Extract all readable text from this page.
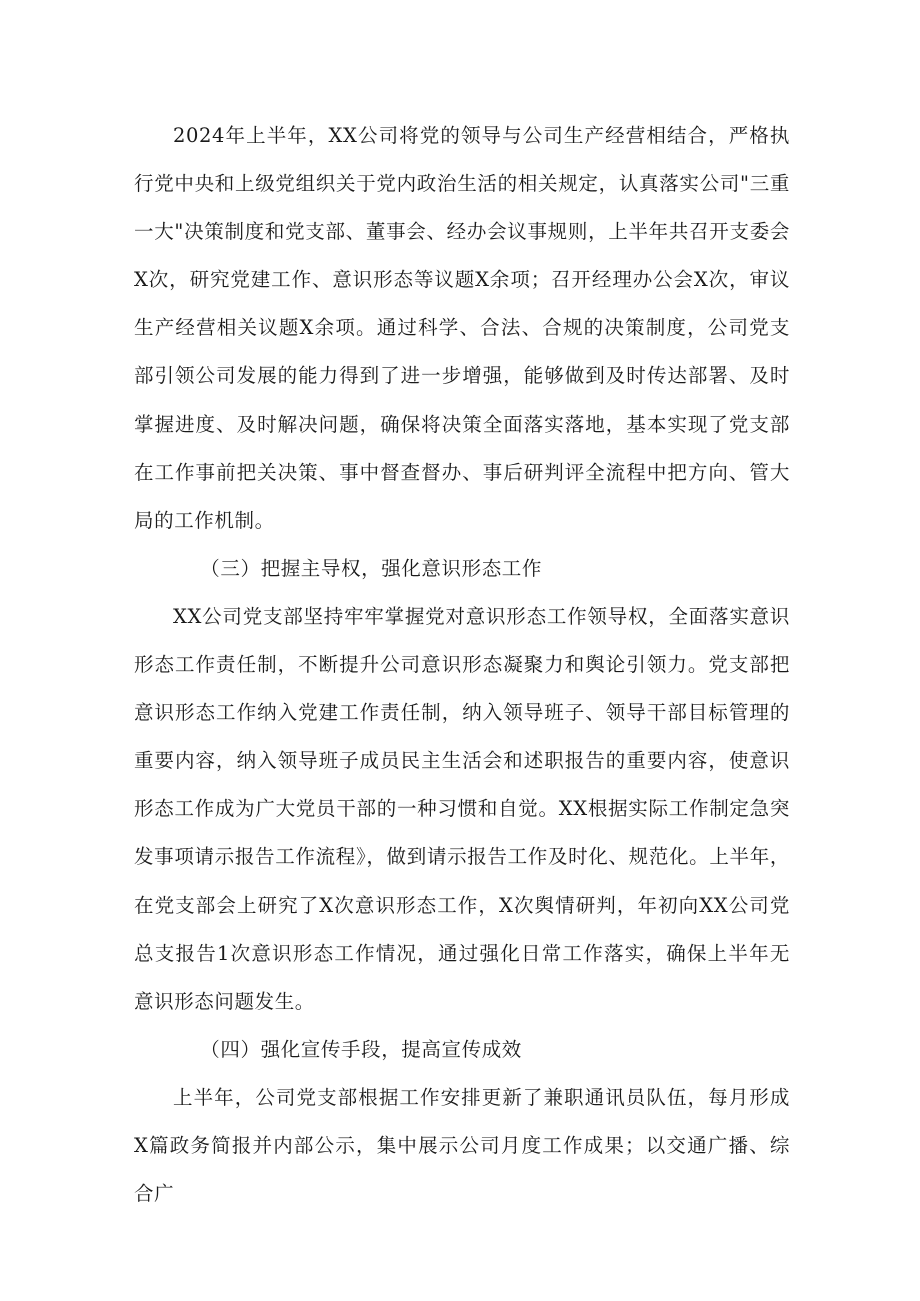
2024年上半年，XX公司将党的领导与公司生产经营相结合，严格执行党中央和上级党组织关于党内政治生活的相关规定，认真落实公司"三重一大"决策制度和党支部、董事会、经办会议事规则，上半年共召开支委会X次，研究党建工作、意识形态等议题X余项；召开经理办公会X次，审议生产经营相关议题X余项。通过科学、合法、合规的决策制度，公司党支部引领公司发展的能力得到了进一步增强，能够做到及时传达部署、及时掌握进度、及时解决问题，确保将决策全面落实落地，基本实现了党支部在工作事前把关决策、事中督查督办、事后研判评全流程中把方向、管大局的工作机制。

（三）把握主导权，强化意识形态工作

XX公司党支部坚持牢牢掌握党对意识形态工作领导权，全面落实意识形态工作责任制，不断提升公司意识形态凝聚力和舆论引领力。党支部把意识形态工作纳入党建工作责任制，纳入领导班子、领导干部目标管理的重要内容，纳入领导班子成员民主生活会和述职报告的重要内容，使意识形态工作成为广大党员干部的一种习惯和自觉。XX根据实际工作制定急突发事项请示报告工作流程》，做到请示报告工作及时化、规范化。上半年，在党支部会上研究了X次意识形态工作，X次舆情研判，年初向XX公司党总支报告1次意识形态工作情况，通过强化日常工作落实，确保上半年无意识形态问题发生。

（四）强化宣传手段，提高宣传成效

上半年，公司党支部根据工作安排更新了兼职通讯员队伍，每月形成X篇政务简报并内部公示，集中展示公司月度工作成果；以交通广播、综合广
